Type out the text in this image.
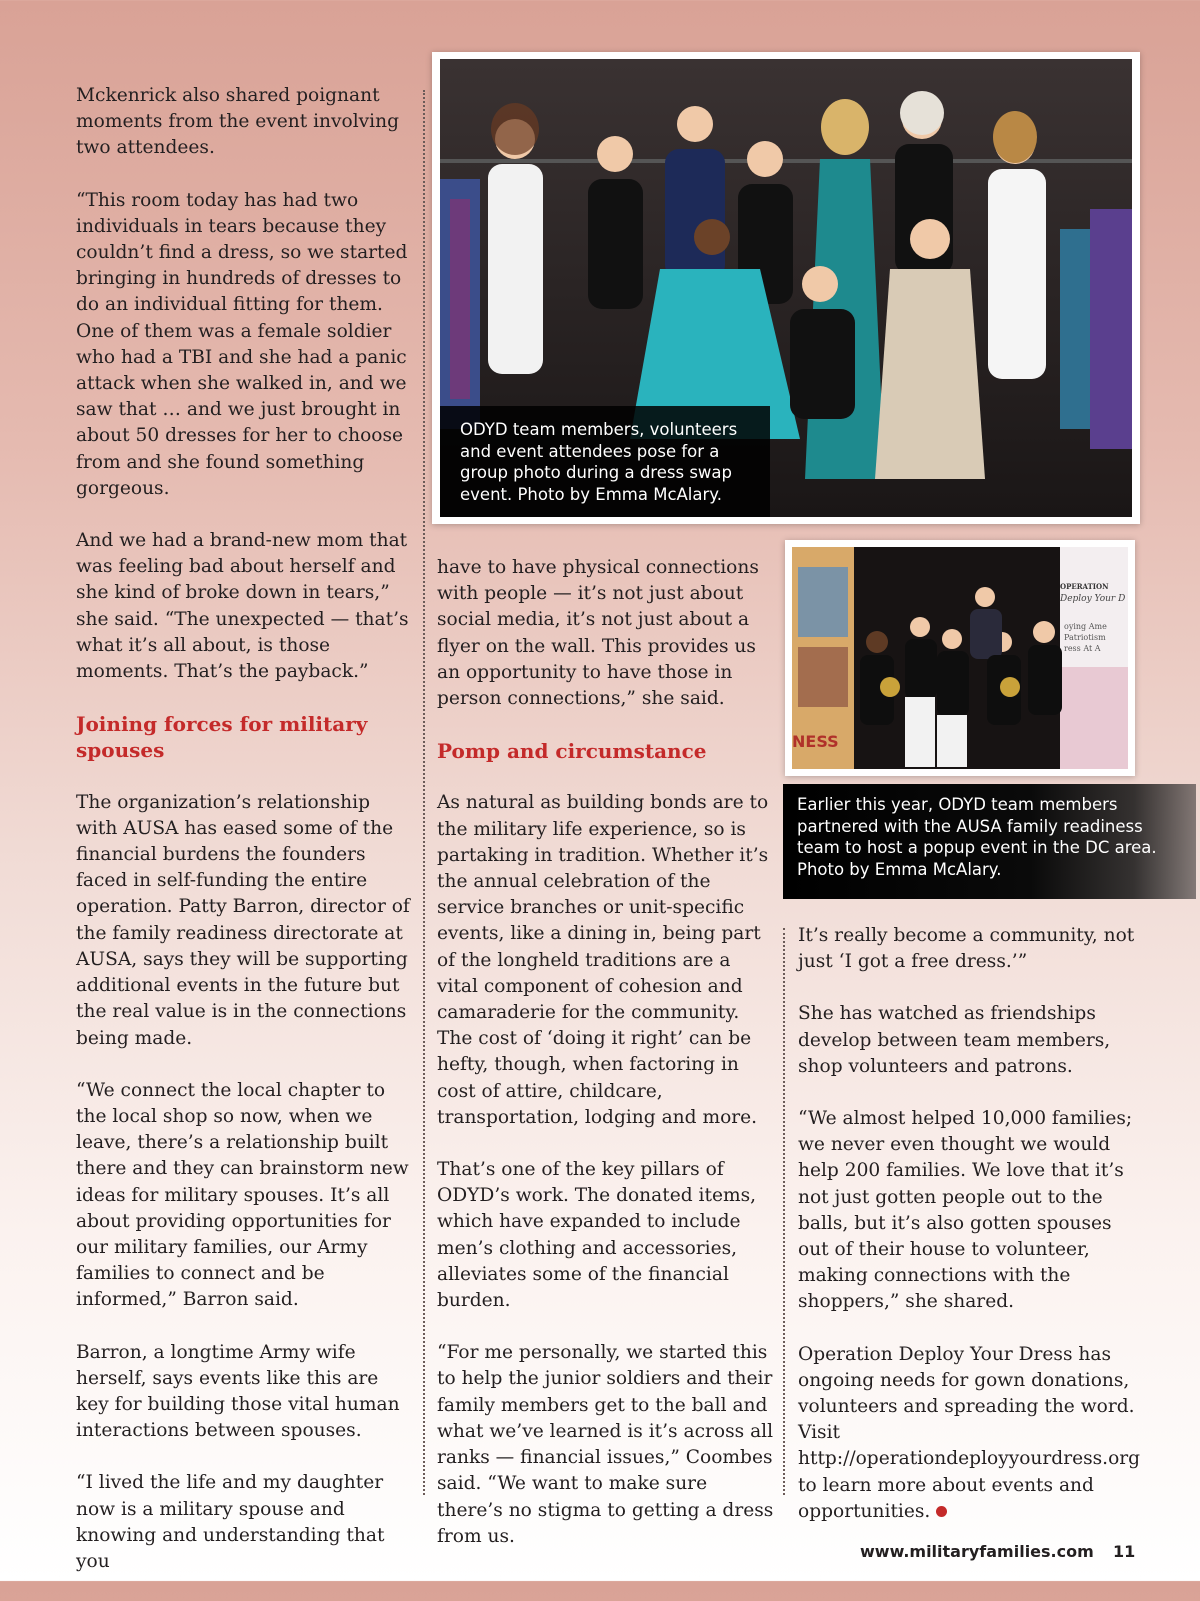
Mckenrick also shared poignant moments from the event involving two attendees.

“This room today has had two individuals in tears because they couldn’t find a dress, so we started bringing in hundreds of dresses to do an individual fitting for them. One of them was a female soldier who had a TBI and she had a panic attack when she walked in, and we saw that … and we just brought in about 50 dresses for her to choose from and she found something gorgeous.

And we had a brand-new mom that was feeling bad about herself and she kind of broke down in tears,” she said. “The unexpected — that’s what it’s all about, is those moments. That’s the payback.”

Joining forces for military spouses

The organization’s relationship with AUSA has eased some of the financial burdens the founders faced in self-funding the entire operation. Patty Barron, director of the family readiness directorate at AUSA, says they will be supporting additional events in the future but the real value is in the connections being made.

“We connect the local chapter to the local shop so now, when we leave, there’s a relationship built there and they can brainstorm new ideas for military spouses. It’s all about providing opportunities for our military families, our Army families to connect and be informed,” Barron said.

Barron, a longtime Army wife herself, says events like this are key for building those vital human interactions between spouses.

“I lived the life and my daughter now is a military spouse and knowing and understanding that you

have to have physical connections with people — it’s not just about social media, it’s not just about a flyer on the wall. This provides us an opportunity to have those in person connections,” she said.

Pomp and circumstance

As natural as building bonds are to the military life experience, so is partaking in tradition. Whether it’s the annual celebration of the service branches or unit-specific events, like a dining in, being part of the longheld traditions are a vital component of cohesion and camaraderie for the community. The cost of ‘doing it right’ can be hefty, though, when factoring in cost of attire, childcare, transportation, lodging and more.

That’s one of the key pillars of ODYD’s work. The donated items, which have expanded to include men’s clothing and accessories, alleviates some of the financial burden.

“For me personally, we started this to help the junior soldiers and their family members get to the ball and what we’ve learned is it’s across all ranks — financial issues,” Coombes said. “We want to make sure there’s no stigma to getting a dress from us.

It’s really become a community, not just ‘I got a free dress.’”

She has watched as friendships develop between team members, shop volunteers and patrons.

“We almost helped 10,000 families; we never even thought we would help 200 families. We love that it’s not just gotten people out to the balls, but it’s also gotten spouses out of their house to volunteer, making connections with the shoppers,” she shared.

Operation Deploy Your Dress has ongoing needs for gown donations, volunteers and spreading the word. Visit http://operationdeployyourdress.org to learn more about events and opportunities.

ODYD team members, volunteers and event attendees pose for a group photo during a dress swap event. Photo by Emma McAlary.
OPERATION
Deploy Your D
oying Ame
Patriotism
ress At A
NESS
Earlier this year, ODYD team members partnered with the AUSA family readiness team to host a popup event in the DC area. Photo by Emma McAlary.
www.militaryfamilies.com 11
